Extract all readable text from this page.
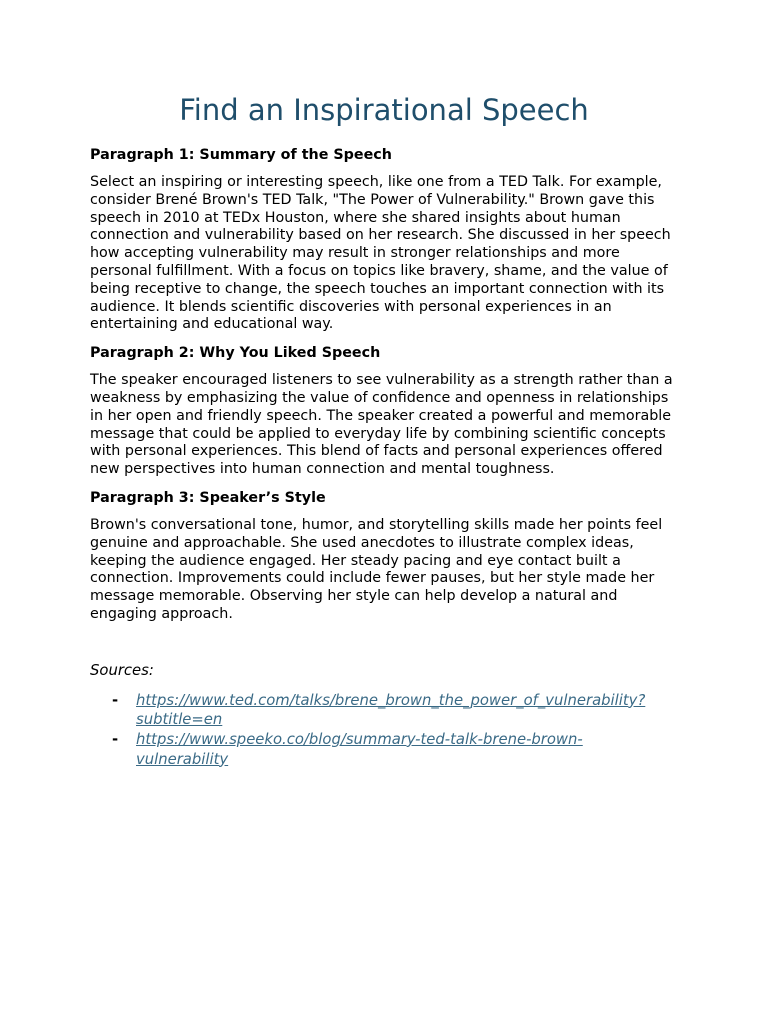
Find an Inspirational Speech
Paragraph 1: Summary of the Speech

Select an inspiring or interesting speech, like one from a TED Talk. For example, consider Brené Brown's TED Talk, "The Power of Vulnerability." Brown gave this speech in 2010 at TEDx Houston, where she shared insights about human connection and vulnerability based on her research. She discussed in her speech how accepting vulnerability may result in stronger relationships and more personal fulfillment. With a focus on topics like bravery, shame, and the value of being receptive to change, the speech touches an important connection with its audience. It blends scientific discoveries with personal experiences in an entertaining and educational way.

Paragraph 2: Why You Liked Speech

The speaker encouraged listeners to see vulnerability as a strength rather than a weakness by emphasizing the value of confidence and openness in relationships in her open and friendly speech. The speaker created a powerful and memorable message that could be applied to everyday life by combining scientific concepts with personal experiences. This blend of facts and personal experiences offered new perspectives into human connection and mental toughness.

Paragraph 3: Speaker’s Style

Brown's conversational tone, humor, and storytelling skills made her points feel genuine and approachable. She used anecdotes to illustrate complex ideas, keeping the audience engaged. Her steady pacing and eye contact built a connection. Improvements could include fewer pauses, but her style made her message memorable. Observing her style can help develop a natural and engaging approach.

Sources:
- https://www.ted.com/talks/brene_brown_the_power_of_vulnerability?
subtitle=en
- https://www.speeko.co/blog/summary-ted-talk-brene-brown-
vulnerability
